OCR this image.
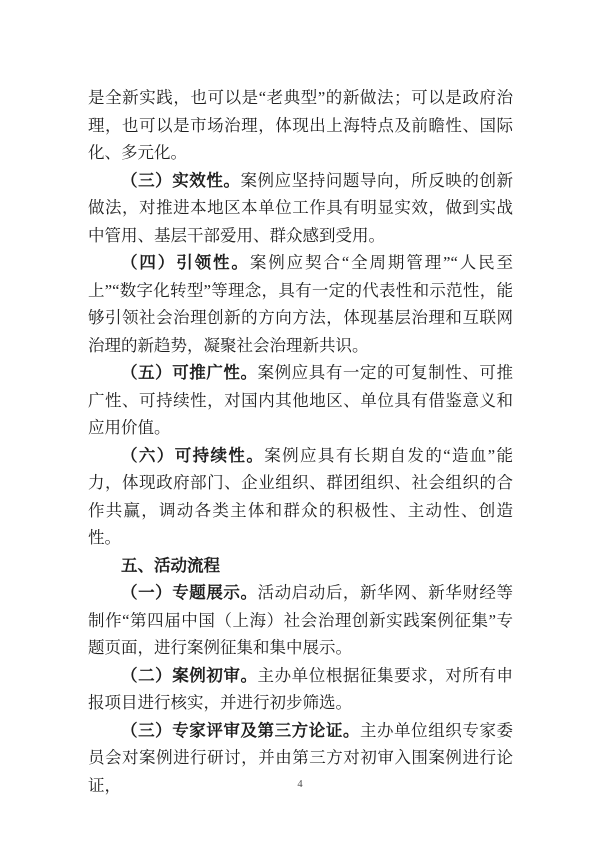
是全新实践，也可以是“老典型”的新做法；可以是政府治理，也可以是市场治理，体现出上海特点及前瞻性、国际化、多元化。

（三）实效性。案例应坚持问题导向，所反映的创新做法，对推进本地区本单位工作具有明显实效，做到实战中管用、基层干部爱用、群众感到受用。

（四）引领性。案例应契合“全周期管理”“人民至上”“数字化转型”等理念，具有一定的代表性和示范性，能够引领社会治理创新的方向方法，体现基层治理和互联网治理的新趋势，凝聚社会治理新共识。

（五）可推广性。案例应具有一定的可复制性、可推广性、可持续性，对国内其他地区、单位具有借鉴意义和应用价值。

（六）可持续性。案例应具有长期自发的“造血”能力，体现政府部门、企业组织、群团组织、社会组织的合作共赢，调动各类主体和群众的积极性、主动性、创造性。

五、活动流程

（一）专题展示。活动启动后，新华网、新华财经等制作“第四届中国（上海）社会治理创新实践案例征集”专题页面，进行案例征集和集中展示。

（二）案例初审。主办单位根据征集要求，对所有申报项目进行核实，并进行初步筛选。

（三）专家评审及第三方论证。主办单位组织专家委员会对案例进行研讨，并由第三方对初审入围案例进行论证，	4
